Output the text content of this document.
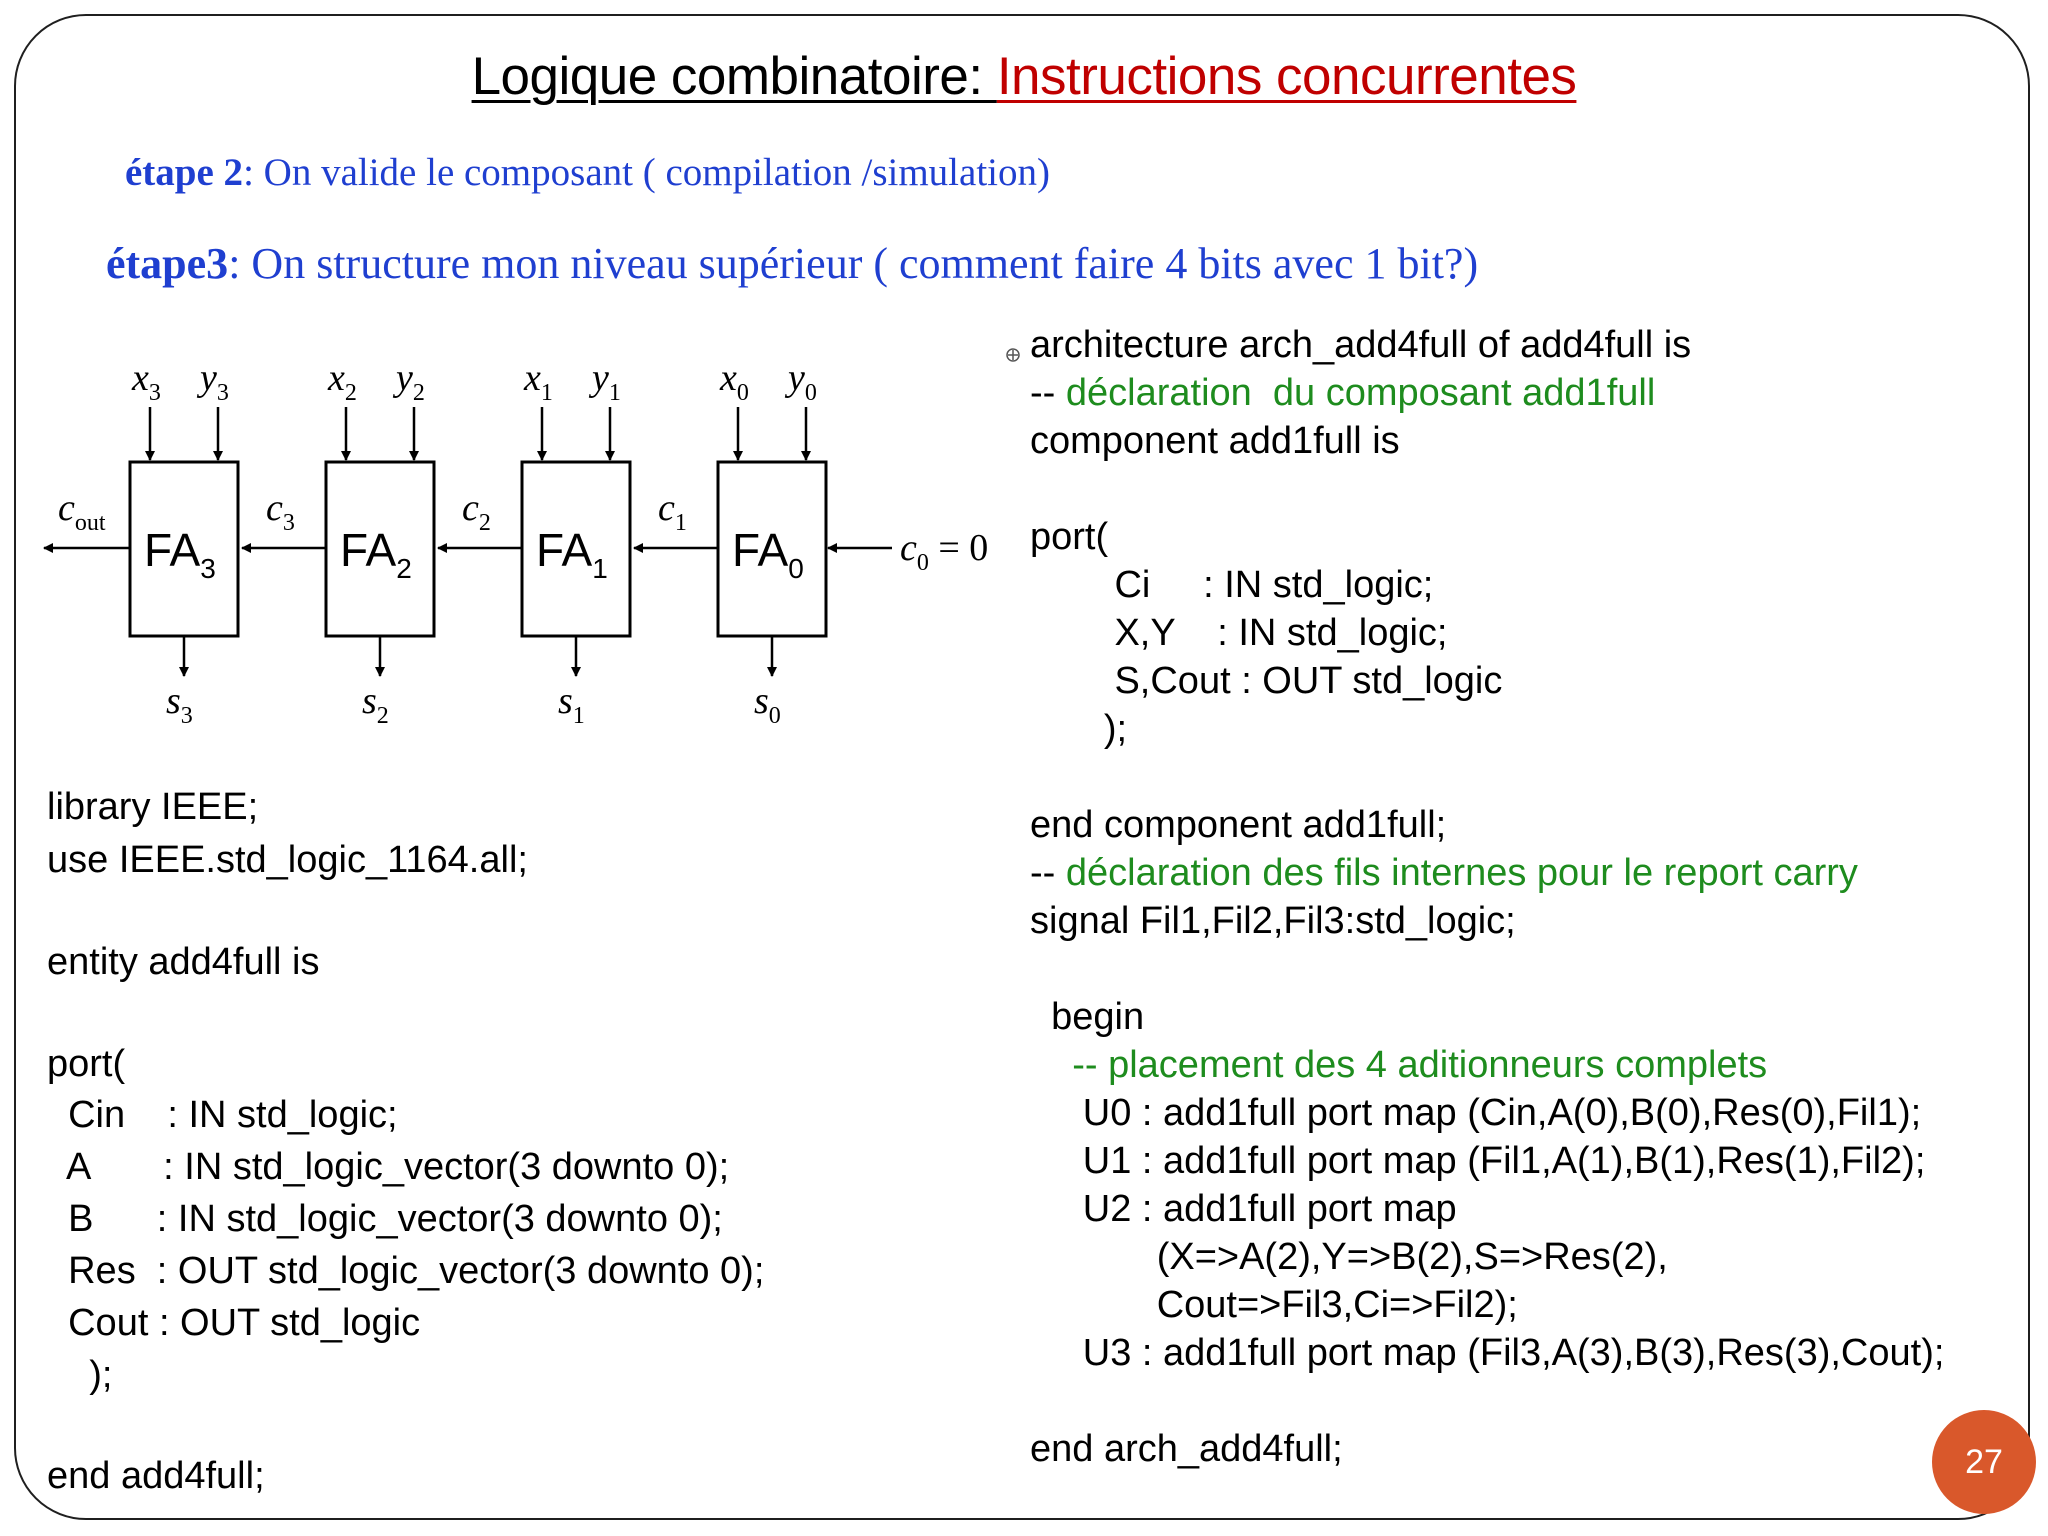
Logique combinatoire: Instructions concurrentes
étape 2: On valide le composant ( compilation /simulation)
étape3: On structure mon niveau supérieur ( comment faire 4 bits avec 1 bit?)
$FA_3$
$x_3$ $y_3$
$s_3$
$FA_2$
$x_2$ $y_2$
$s_2$
$FA_1$
$x_1$ $y_1$
$s_1$
$FA_0$
$x_0$ $y_0$
$s_0$
$c_{out}$	$c_3$	$c_2$	$c_1$
$c_0 = 0$
library IEEE;
use IEEE.std_logic_1164.all;
entity add4full is
port(
Cin    : IN std_logic;
A       : IN std_logic_vector(3 downto 0);
B      : IN std_logic_vector(3 downto 0);
Res  : OUT std_logic_vector(3 downto 0);
Cout : OUT std_logic
);
end add4full;
architecture arch_add4full of add4full is
-- déclaration  du composant add1full
component add1full is
port(
Ci     : IN std_logic;
X,Y    : IN std_logic;
S,Cout : OUT std_logic
);
end component add1full;
-- déclaration des fils internes pour le report carry
signal Fil1,Fil2,Fil3:std_logic;
begin
-- placement des 4 aditionneurs complets
U0 : add1full port map (Cin,A(0),B(0),Res(0),Fil1);
U1 : add1full port map (Fil1,A(1),B(1),Res(1),Fil2);
U2 : add1full port map
(X=>A(2),Y=>B(2),S=>Res(2),
Cout=>Fil3,Ci=>Fil2);
U3 : add1full port map (Fil3,A(3),B(3),Res(3),Cout);
end arch_add4full;	27
